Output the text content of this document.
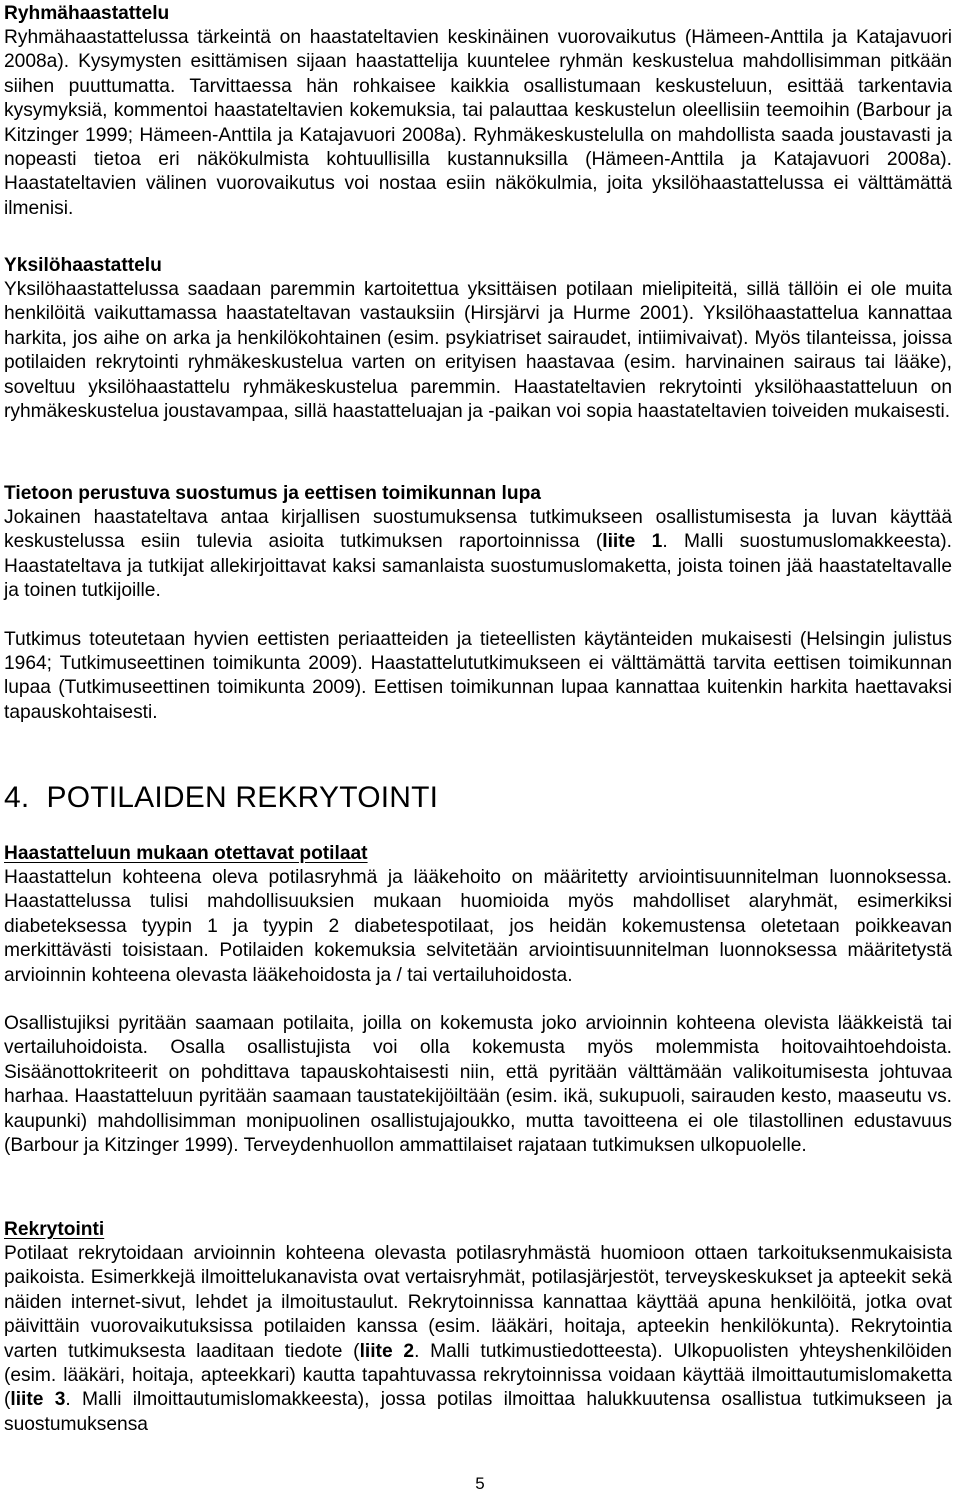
Ryhmähaastattelu

Ryhmähaastattelussa tärkeintä on haastateltavien keskinäinen vuorovaikutus (Hämeen-Anttila ja Katajavuori 2008a). Kysymysten esittämisen sijaan haastattelija kuuntelee ryhmän keskustelua mahdollisimman pitkään siihen puuttumatta. Tarvittaessa hän rohkaisee kaikkia osallistumaan keskusteluun, esittää tarkentavia kysymyksiä, kommentoi haastateltavien kokemuksia, tai palauttaa keskustelun oleellisiin teemoihin (Barbour ja Kitzinger 1999; Hämeen-Anttila ja Katajavuori 2008a). Ryhmäkeskustelulla on mahdollista saada joustavasti ja nopeasti tietoa eri näkökulmista kohtuullisilla kustannuksilla (Hämeen-Anttila ja Katajavuori 2008a). Haastateltavien välinen vuorovaikutus voi nostaa esiin näkökulmia, joita yksilöhaastattelussa ei välttämättä ilmenisi.

Yksilöhaastattelu

Yksilöhaastattelussa saadaan paremmin kartoitettua yksittäisen potilaan mielipiteitä, sillä tällöin ei ole muita henkilöitä vaikuttamassa haastateltavan vastauksiin (Hirsjärvi ja Hurme 2001). Yksilöhaastattelua kannattaa harkita, jos aihe on arka ja henkilökohtainen (esim. psykiatriset sairaudet, intiimivaivat). Myös tilanteissa, joissa potilaiden rekrytointi ryhmäkeskustelua varten on erityisen haastavaa (esim. harvinainen sairaus tai lääke), soveltuu yksilöhaastattelu ryhmäkeskustelua paremmin. Haastateltavien rekrytointi yksilöhaastatteluun on ryhmäkeskustelua joustavampaa, sillä haastatteluajan ja -paikan voi sopia haastateltavien toiveiden mukaisesti.

Tietoon perustuva suostumus ja eettisen toimikunnan lupa

Jokainen haastateltava antaa kirjallisen suostumuksensa tutkimukseen osallistumisesta ja luvan käyttää keskustelussa esiin tulevia asioita tutkimuksen raportoinnissa (liite 1. Malli suostumuslomakkeesta). Haastateltava ja tutkijat allekirjoittavat kaksi samanlaista suostumuslomaketta, joista toinen jää haastateltavalle ja toinen tutkijoille.

Tutkimus toteutetaan hyvien eettisten periaatteiden ja tieteellisten käytänteiden mukaisesti (Helsingin julistus 1964; Tutkimuseettinen toimikunta 2009). Haastattelututkimukseen ei välttämättä tarvita eettisen toimikunnan lupaa (Tutkimuseettinen toimikunta 2009). Eettisen toimikunnan lupaa kannattaa kuitenkin harkita haettavaksi tapauskohtaisesti.

4.  POTILAIDEN REKRYTOINTI

Haastatteluun mukaan otettavat potilaat

Haastattelun kohteena oleva potilasryhmä ja lääkehoito on määritetty arviointisuunnitelman luonnoksessa. Haastattelussa tulisi mahdollisuuksien mukaan huomioida myös mahdolliset alaryhmät, esimerkiksi diabeteksessa tyypin 1 ja tyypin 2 diabetespotilaat, jos heidän kokemustensa oletetaan poikkeavan merkittävästi toisistaan. Potilaiden kokemuksia selvitetään arviointisuunnitelman luonnoksessa määritetystä arvioinnin kohteena olevasta lääkehoidosta ja / tai vertailuhoidosta.

Osallistujiksi pyritään saamaan potilaita, joilla on kokemusta joko arvioinnin kohteena olevista lääkkeistä tai vertailuhoidoista. Osalla osallistujista voi olla kokemusta myös molemmista hoitovaihtoehdoista. Sisäänottokriteerit on pohdittava tapauskohtaisesti niin, että pyritään välttämään valikoitumisesta johtuvaa harhaa. Haastatteluun pyritään saamaan taustatekijöiltään (esim. ikä, sukupuoli, sairauden kesto, maaseutu vs. kaupunki) mahdollisimman monipuolinen osallistujajoukko, mutta tavoitteena ei ole tilastollinen edustavuus (Barbour ja Kitzinger 1999). Terveydenhuollon ammattilaiset rajataan tutkimuksen ulkopuolelle.

Rekrytointi

Potilaat rekrytoidaan arvioinnin kohteena olevasta potilasryhmästä huomioon ottaen tarkoituksenmukaisista paikoista. Esimerkkejä ilmoittelukanavista ovat vertaisryhmät, potilasjärjestöt, terveyskeskukset ja apteekit sekä näiden internet-sivut, lehdet ja ilmoitustaulut. Rekrytoinnissa kannattaa käyttää apuna henkilöitä, jotka ovat päivittäin vuorovaikutuksissa potilaiden kanssa (esim. lääkäri, hoitaja, apteekin henkilökunta). Rekrytointia varten tutkimuksesta laaditaan tiedote (liite 2. Malli tutkimustiedotteesta). Ulkopuolisten yhteyshenkilöiden (esim. lääkäri, hoitaja, apteekkari) kautta tapahtuvassa rekrytoinnissa voidaan käyttää ilmoittautumislomaketta (liite 3. Malli ilmoittautumislomakkeesta), jossa potilas ilmoittaa halukkuutensa osallistua tutkimukseen ja suostumuksensa

5
